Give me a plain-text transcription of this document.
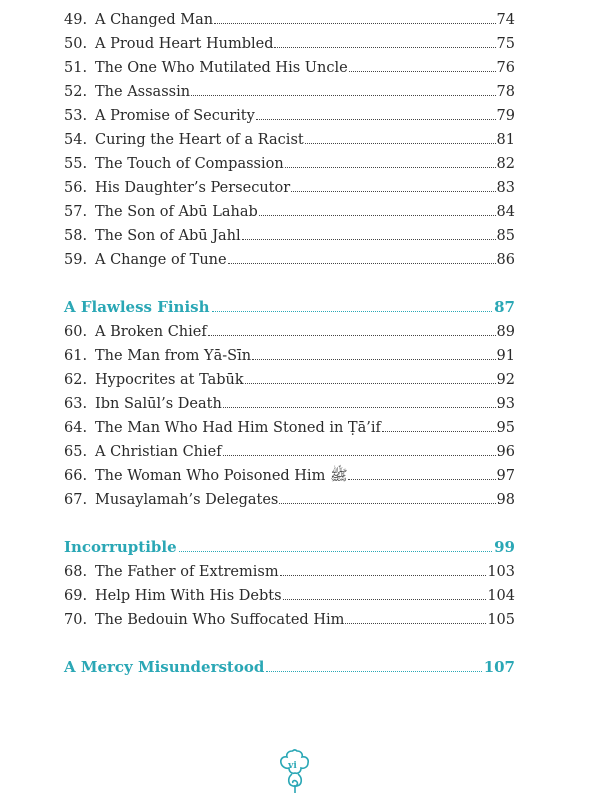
49. A Changed Man	74
50. A Proud Heart Humbled	75
51. The One Who Mutilated His Uncle	76
52. The Assassin	78
53. A Promise of Security	79
54. Curing the Heart of a Racist	81
55. The Touch of Compassion	82
56. His Daughter’s Persecutor	83
57. The Son of Abū Lahab	84
58. The Son of Abū Jahl	85
59. A Change of Tune	86
A Flawless Finish	87
60. A Broken Chief	89
61. The Man from Yā-Sīn	91
62. Hypocrites at Tabūk	92
63. Ibn Salūl’s Death	93
64. The Man Who Had Him Stoned in Ṭā’if	95
65. A Christian Chief	96
66. The Woman Who Poisoned Him ﷺ	97
67. Musaylamah’s Delegates	98
Incorruptible	99
68. The Father of Extremism	103
69. Help Him With His Debts	104
70. The Bedouin Who Suffocated Him	105
A Mercy Misunderstood	107
vi
